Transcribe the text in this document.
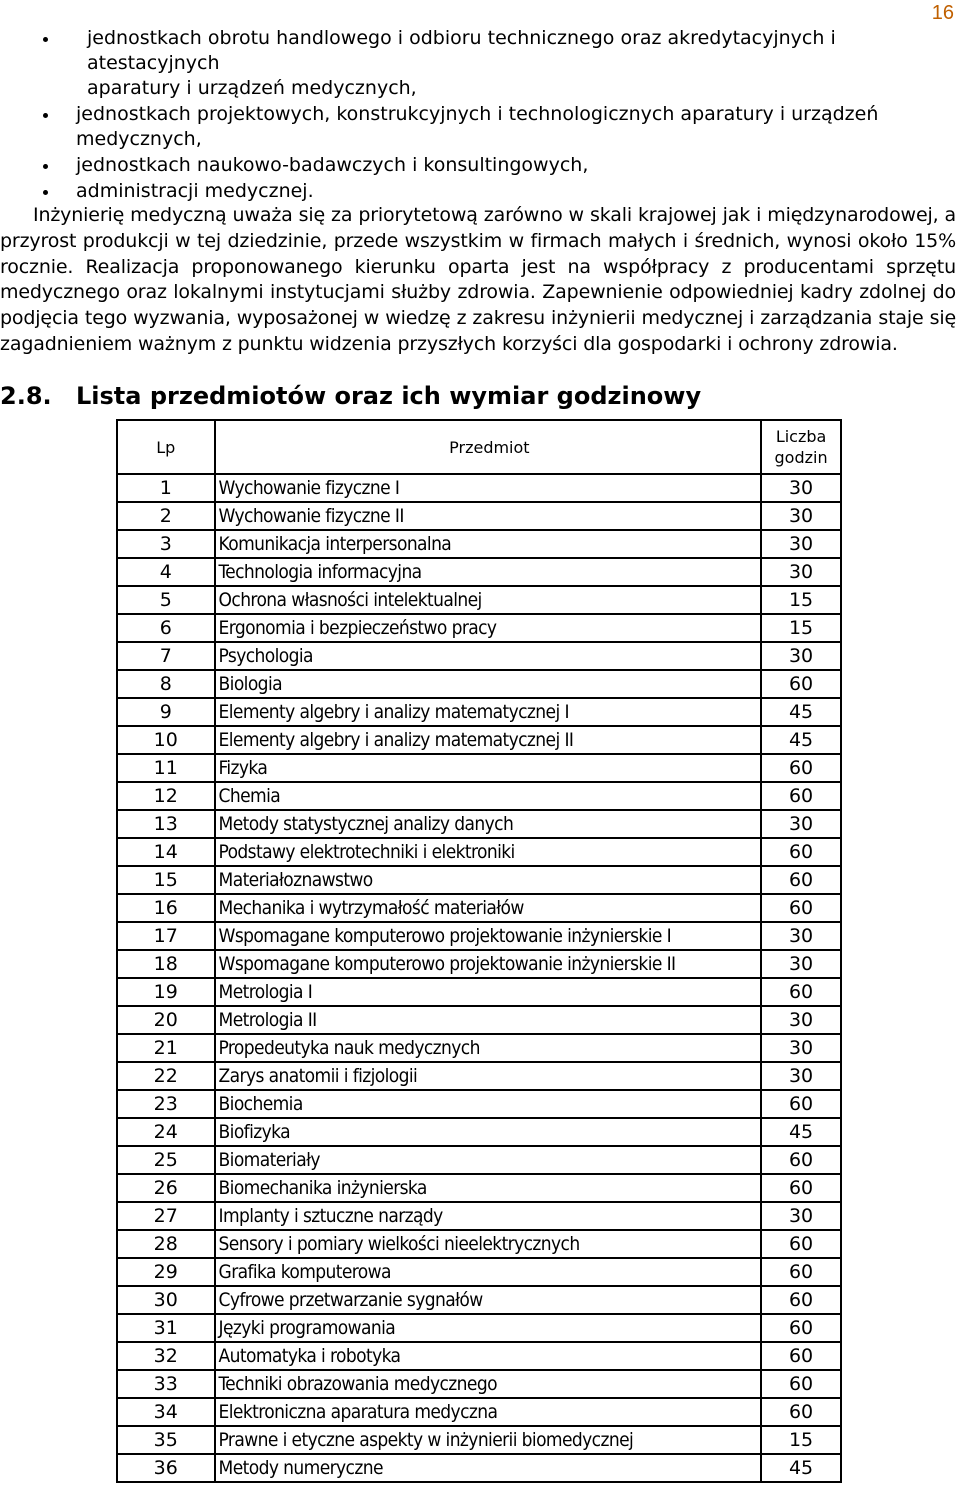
16
jednostkach obrotu handlowego i odbioru technicznego oraz akredytacyjnych i atestacyjnych
aparatury i urządzeń medycznych,
jednostkach projektowych, konstrukcyjnych i technologicznych aparatury i urządzeń
medycznych,
jednostkach naukowo-badawczych i konsultingowych,
administracji medycznej.

Inżynierię medyczną uważa się za priorytetową zarówno w skali krajowej jak i międzynarodowej, a przyrost produkcji w tej dziedzinie, przede wszystkim w firmach małych i średnich, wynosi około 15% rocznie. Realizacja proponowanego kierunku oparta jest na współpracy z producentami sprzętu medycznego oraz lokalnymi instytucjami służby zdrowia. Zapewnienie odpowiedniej kadry zdolnej do podjęcia tego wyzwania, wyposażonej w wiedzę z zakresu inżynierii medycznej i zarządzania staje się zagadnieniem ważnym z punktu widzenia przyszłych korzyści dla gospodarki i ochrony zdrowia.

2.8. Lista przedmiotów oraz ich wymiar godzinowy
Lp	Przedmiot	Liczba
godzin
1	Wychowanie fizyczne I	30
2	Wychowanie fizyczne II	30
3	Komunikacja interpersonalna	30
4	Technologia informacyjna	30
5	Ochrona własności intelektualnej	15
6	Ergonomia i bezpieczeństwo pracy	15
7	Psychologia	30
8	Biologia	60
9	Elementy algebry i analizy matematycznej I	45
10	Elementy algebry i analizy matematycznej II	45
11	Fizyka	60
12	Chemia	60
13	Metody statystycznej analizy danych	30
14	Podstawy elektrotechniki i elektroniki	60
15	Materiałoznawstwo	60
16	Mechanika i wytrzymałość materiałów	60
17	Wspomagane komputerowo projektowanie inżynierskie I	30
18	Wspomagane komputerowo projektowanie inżynierskie II	30
19	Metrologia I	60
20	Metrologia II	30
21	Propedeutyka nauk medycznych	30
22	Zarys anatomii i fizjologii	30
23	Biochemia	60
24	Biofizyka	45
25	Biomateriały	60
26	Biomechanika inżynierska	60
27	Implanty i sztuczne narządy	30
28	Sensory i pomiary wielkości nieelektrycznych	60
29	Grafika komputerowa	60
30	Cyfrowe przetwarzanie sygnałów	60
31	Języki programowania	60
32	Automatyka i robotyka	60
33	Techniki obrazowania medycznego	60
34	Elektroniczna aparatura medyczna	60
35	Prawne i etyczne aspekty w inżynierii biomedycznej	15
36	Metody numeryczne	45
